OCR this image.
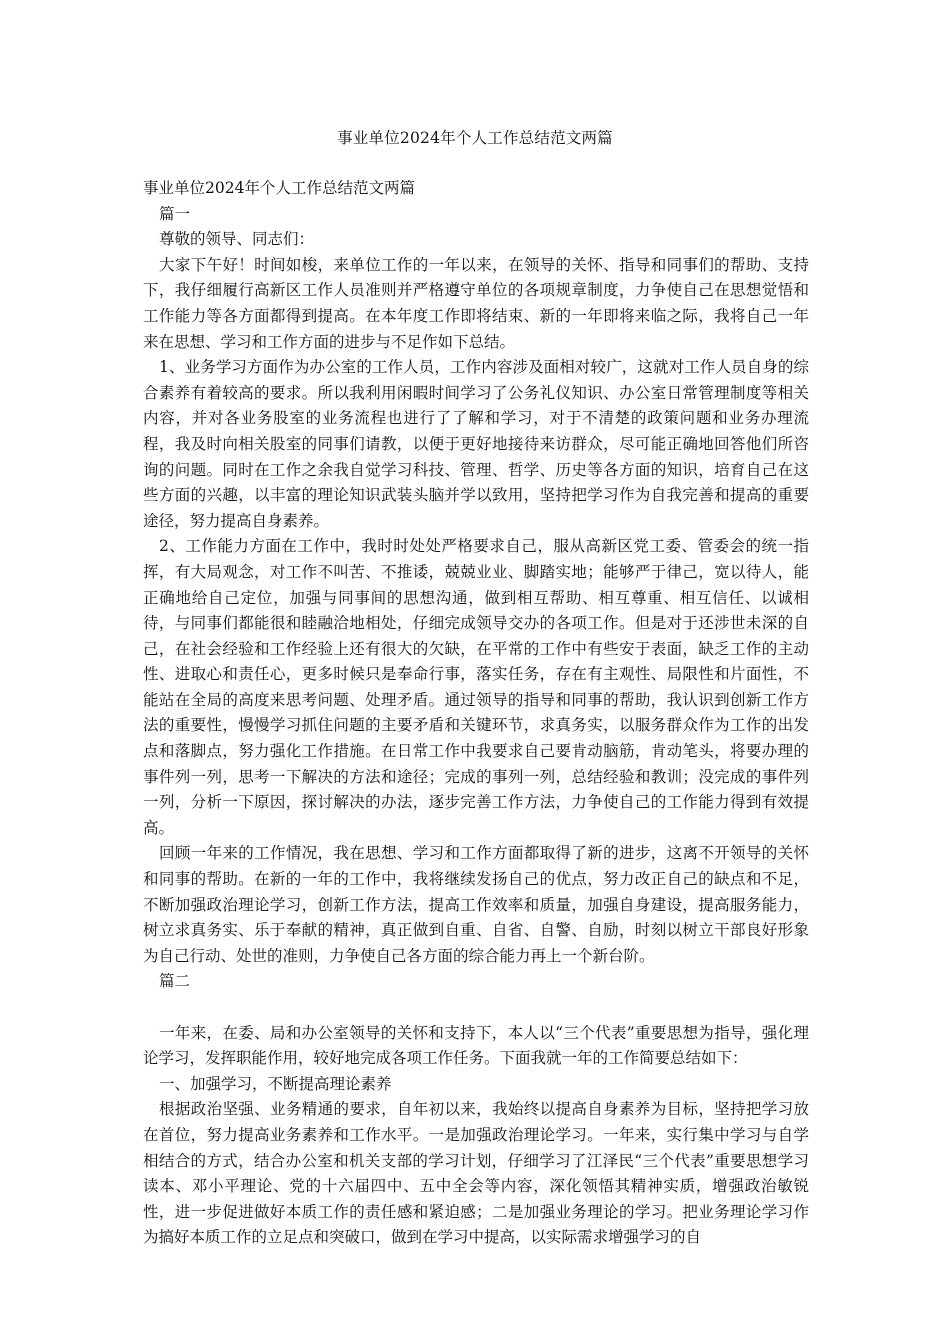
事业单位2024年个人工作总结范文两篇

事业单位2024年个人工作总结范文两篇

篇一

尊敬的领导、同志们：

大家下午好！时间如梭，来单位工作的一年以来，在领导的关怀、指导和同事们的帮助、支持下，我仔细履行高新区工作人员准则并严格遵守单位的各项规章制度，力争使自己在思想觉悟和工作能力等各方面都得到提高。在本年度工作即将结束、新的一年即将来临之际，我将自己一年来在思想、学习和工作方面的进步与不足作如下总结。

1、业务学习方面作为办公室的工作人员，工作内容涉及面相对较广，这就对工作人员自身的综合素养有着较高的要求。所以我利用闲暇时间学习了公务礼仪知识、办公室日常管理制度等相关内容，并对各业务股室的业务流程也进行了了解和学习，对于不清楚的政策问题和业务办理流程，我及时向相关股室的同事们请教，以便于更好地接待来访群众，尽可能正确地回答他们所咨询的问题。同时在工作之余我自觉学习科技、管理、哲学、历史等各方面的知识，培育自己在这些方面的兴趣，以丰富的理论知识武装头脑并学以致用，坚持把学习作为自我完善和提高的重要途径，努力提高自身素养。

2、工作能力方面在工作中，我时时处处严格要求自己，服从高新区党工委、管委会的统一指挥，有大局观念，对工作不叫苦、不推诿，兢兢业业、脚踏实地；能够严于律己，宽以待人，能正确地给自己定位，加强与同事间的思想沟通，做到相互帮助、相互尊重、相互信任、以诚相待，与同事们都能很和睦融洽地相处，仔细完成领导交办的各项工作。但是对于还涉世未深的自己，在社会经验和工作经验上还有很大的欠缺，在平常的工作中有些安于表面，缺乏工作的主动性、进取心和责任心，更多时候只是奉命行事，落实任务，存在有主观性、局限性和片面性，不能站在全局的高度来思考问题、处理矛盾。通过领导的指导和同事的帮助，我认识到创新工作方法的重要性，慢慢学习抓住问题的主要矛盾和关键环节，求真务实，以服务群众作为工作的出发点和落脚点，努力强化工作措施。在日常工作中我要求自己要肯动脑筋，肯动笔头，将要办理的事件列一列，思考一下解决的方法和途径；完成的事列一列，总结经验和教训；没完成的事件列一列，分析一下原因，探讨解决的办法，逐步完善工作方法，力争使自己的工作能力得到有效提高。

回顾一年来的工作情况，我在思想、学习和工作方面都取得了新的进步，这离不开领导的关怀和同事的帮助。在新的一年的工作中，我将继续发扬自己的优点，努力改正自己的缺点和不足，不断加强政治理论学习，创新工作方法，提高工作效率和质量，加强自身建设，提高服务能力，树立求真务实、乐于奉献的精神，真正做到自重、自省、自警、自励，时刻以树立干部良好形象为自己行动、处世的准则，力争使自己各方面的综合能力再上一个新台阶。

篇二

一年来，在委、局和办公室领导的关怀和支持下，本人以“三个代表”重要思想为指导，强化理论学习，发挥职能作用，较好地完成各项工作任务。下面我就一年的工作简要总结如下：

一、加强学习，不断提高理论素养

根据政治坚强、业务精通的要求，自年初以来，我始终以提高自身素养为目标，坚持把学习放在首位，努力提高业务素养和工作水平。一是加强政治理论学习。一年来，实行集中学习与自学相结合的方式，结合办公室和机关支部的学习计划，仔细学习了江泽民“三个代表”重要思想学习读本、邓小平理论、党的十六届四中、五中全会等内容，深化领悟其精神实质，增强政治敏锐性，进一步促进做好本质工作的责任感和紧迫感；二是加强业务理论的学习。把业务理论学习作为搞好本质工作的立足点和突破口，做到在学习中提高，以实际需求增强学习的自
